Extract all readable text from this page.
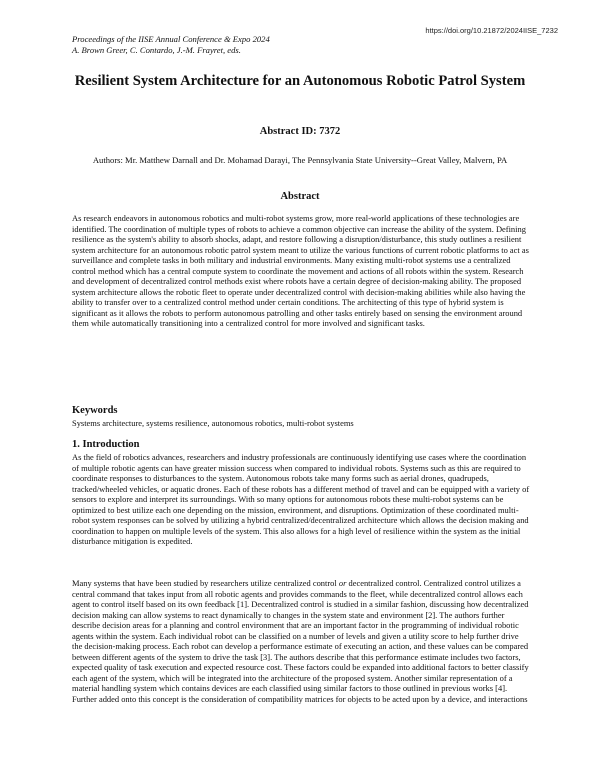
https://doi.org/10.21872/2024IISE_7232
Proceedings of the IISE Annual Conference & Expo 2024
A. Brown Greer, C. Contardo, J.-M. Frayret, eds.
Resilient System Architecture for an Autonomous Robotic Patrol System
Abstract ID: 7372
Authors: Mr. Matthew Darnall and Dr. Mohamad Darayi, The Pennsylvania State University--Great Valley, Malvern, PA
Abstract

As research endeavors in autonomous robotics and multi-robot systems grow, more real-world applications of these technologies are identified. The coordination of multiple types of robots to achieve a common objective can increase the ability of the system. Defining resilience as the system's ability to absorb shocks, adapt, and restore following a disruption/disturbance, this study outlines a resilient system architecture for an autonomous robotic patrol system meant to utilize the various functions of current robotic platforms to act as surveillance and complete tasks in both military and industrial environments. Many existing multi-robot systems use a centralized control method which has a central compute system to coordinate the movement and actions of all robots within the system. Research and development of decentralized control methods exist where robots have a certain degree of decision-making ability. The proposed system architecture allows the robotic fleet to operate under decentralized control with decision-making abilities while also having the ability to transfer over to a centralized control method under certain conditions. The architecting of this type of hybrid system is significant as it allows the robots to perform autonomous patrolling and other tasks entirely based on sensing the environment around them while automatically transitioning into a centralized control for more involved and significant tasks.

Keywords

Systems architecture, systems resilience, autonomous robotics, multi-robot systems

1. Introduction

As the field of robotics advances, researchers and industry professionals are continuously identifying use cases where the coordination of multiple robotic agents can have greater mission success when compared to individual robots. Systems such as this are required to coordinate responses to disturbances to the system. Autonomous robots take many forms such as aerial drones, quadrupeds, tracked/wheeled vehicles, or aquatic drones. Each of these robots has a different method of travel and can be equipped with a variety of sensors to explore and interpret its surroundings. With so many options for autonomous robots these multi-robot systems can be optimized to best utilize each one depending on the mission, environment, and disruptions. Optimization of these coordinated multi-robot system responses can be solved by utilizing a hybrid centralized/decentralized architecture which allows the decision making and coordination to happen on multiple levels of the system. This also allows for a high level of resilience within the system as the initial disturbance mitigation is expedited.

Many systems that have been studied by researchers utilize centralized control or decentralized control. Centralized control utilizes a central command that takes input from all robotic agents and provides commands to the fleet, while decentralized control allows each agent to control itself based on its own feedback [1]. Decentralized control is studied in a similar fashion, discussing how decentralized decision making can allow systems to react dynamically to changes in the system state and environment [2]. The authors further describe decision areas for a planning and control environment that are an important factor in the programming of individual robotic agents within the system. Each individual robot can be classified on a number of levels and given a utility score to help further drive the decision-making process. Each robot can develop a performance estimate of executing an action, and these values can be compared between different agents of the system to drive the task [3]. The authors describe that this performance estimate includes two factors, expected quality of task execution and expected resource cost. These factors could be expanded into additional factors to better classify each agent of the system, which will be integrated into the architecture of the proposed system. Another similar representation of a material handling system which contains devices are each classified using similar factors to those outlined in previous works [4]. Further added onto this concept is the consideration of compatibility matrices for objects to be acted upon by a device, and interactions
